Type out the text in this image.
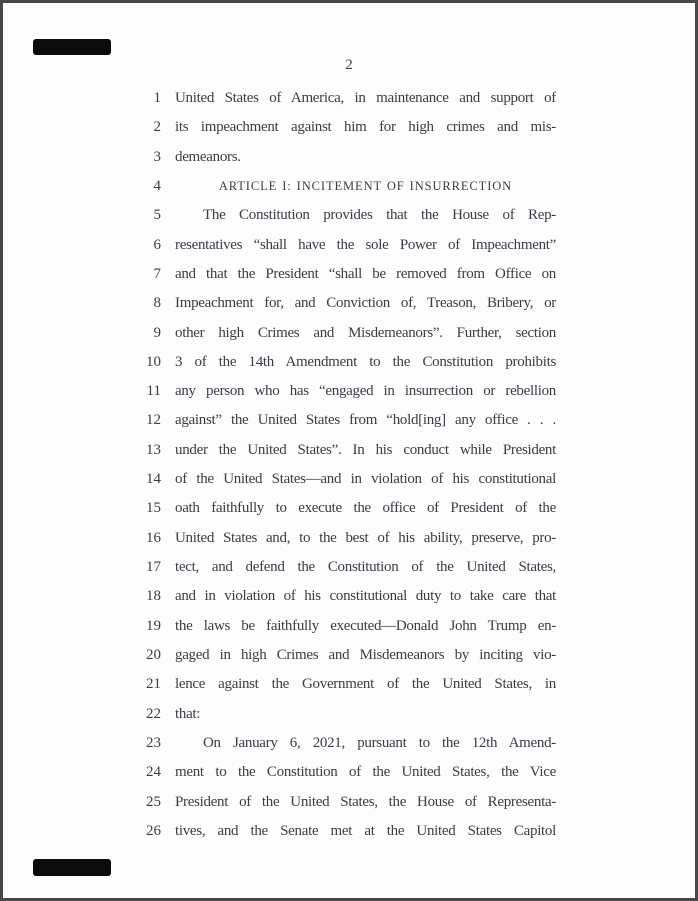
2
1 United States of America, in maintenance and support of
2 its impeachment against him for high crimes and mis-
3 demeanors.
4	ARTICLE I: INCITEMENT OF INSURRECTION
5	The Constitution provides that the House of Rep-
6 resentatives “shall have the sole Power of Impeachment”
7 and that the President “shall be removed from Office on
8 Impeachment for, and Conviction of, Treason, Bribery, or
9 other high Crimes and Misdemeanors”. Further, section
10 3 of the 14th Amendment to the Constitution prohibits
11 any person who has “engaged in insurrection or rebellion
12 against” the United States from “hold[ing] any office . . .
13 under the United States”. In his conduct while President
14 of the United States—and in violation of his constitutional
15 oath faithfully to execute the office of President of the
16 United States and, to the best of his ability, preserve, pro-
17 tect, and defend the Constitution of the United States,
18 and in violation of his constitutional duty to take care that
19 the laws be faithfully executed—Donald John Trump en-
20 gaged in high Crimes and Misdemeanors by inciting vio-
21 lence against the Government of the United States, in
22 that:
23	On January 6, 2021, pursuant to the 12th Amend-
24 ment to the Constitution of the United States, the Vice
25 President of the United States, the House of Representa-
26 tives, and the Senate met at the United States Capitol
